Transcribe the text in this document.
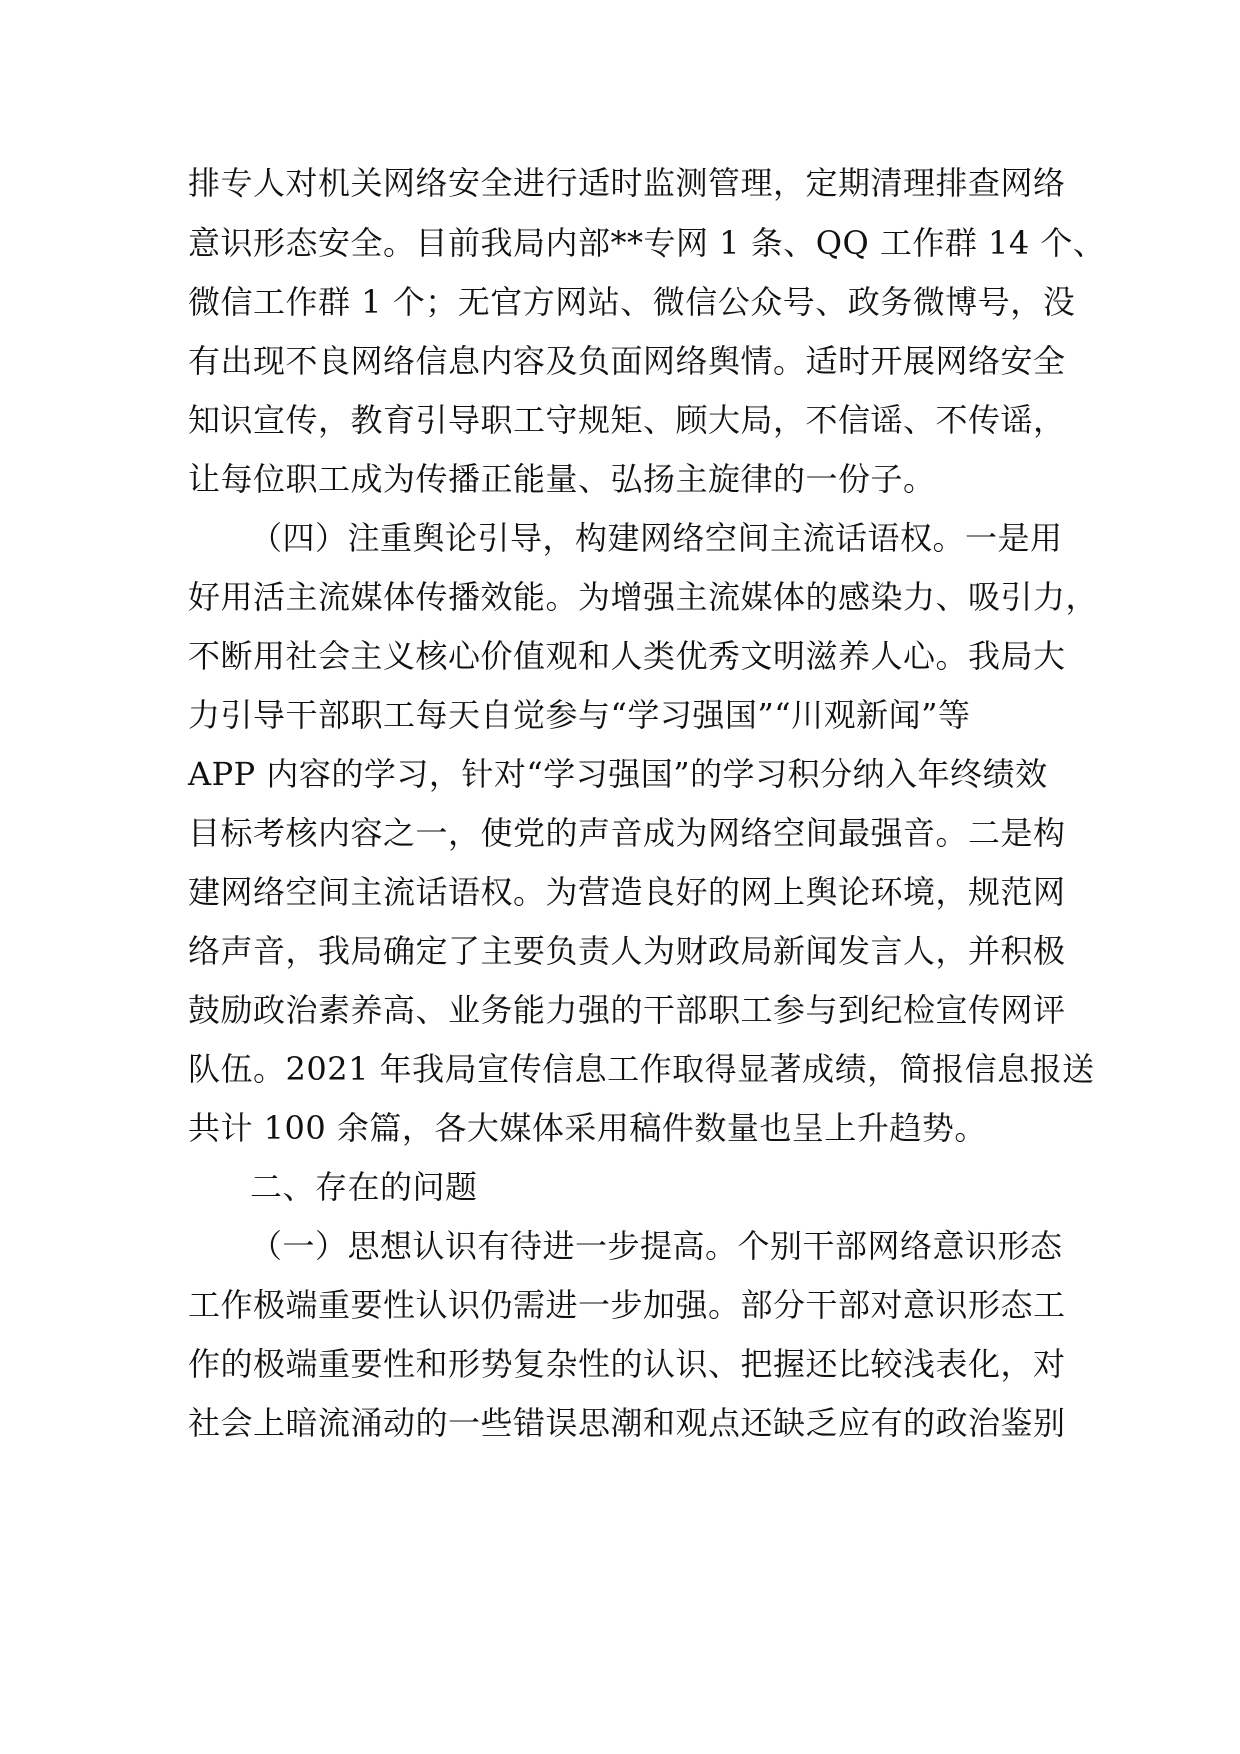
排专人对机关网络安全进行适时监测管理，定期清理排查网络
意识形态安全。目前我局内部**专网 1 条、QQ 工作群 14 个、
微信工作群 1 个；无官方网站、微信公众号、政务微博号，没
有出现不良网络信息内容及负面网络舆情。适时开展网络安全
知识宣传，教育引导职工守规矩、顾大局，不信谣、不传谣，
让每位职工成为传播正能量、弘扬主旋律的一份子。
（四）注重舆论引导，构建网络空间主流话语权。一是用
好用活主流媒体传播效能。为增强主流媒体的感染力、吸引力，
不断用社会主义核心价值观和人类优秀文明滋养人心。我局大
力引导干部职工每天自觉参与“学习强国”“川观新闻”等
APP 内容的学习，针对“学习强国”的学习积分纳入年终绩效
目标考核内容之一，使党的声音成为网络空间最强音。二是构
建网络空间主流话语权。为营造良好的网上舆论环境，规范网
络声音，我局确定了主要负责人为财政局新闻发言人，并积极
鼓励政治素养高、业务能力强的干部职工参与到纪检宣传网评
队伍。2021 年我局宣传信息工作取得显著成绩，简报信息报送
共计 100 余篇，各大媒体采用稿件数量也呈上升趋势。
二、存在的问题
（一）思想认识有待进一步提高。个别干部网络意识形态
工作极端重要性认识仍需进一步加强。部分干部对意识形态工
作的极端重要性和形势复杂性的认识、把握还比较浅表化，对
社会上暗流涌动的一些错误思潮和观点还缺乏应有的政治鉴别
